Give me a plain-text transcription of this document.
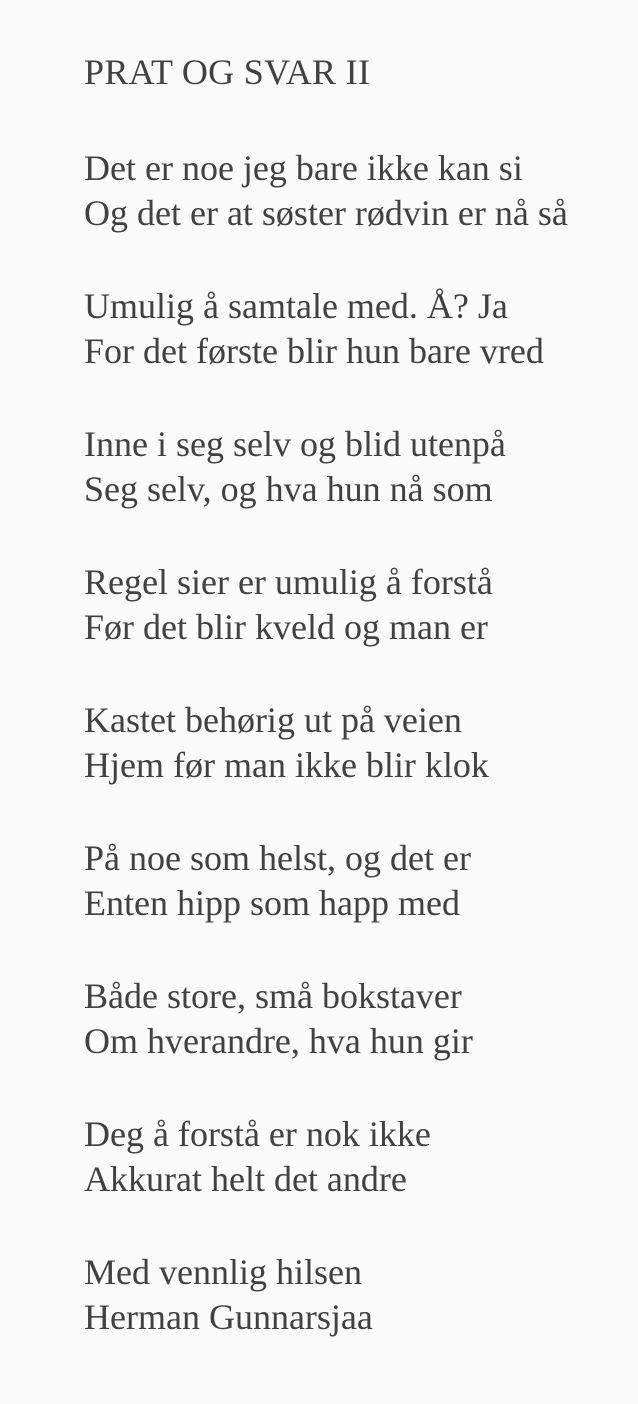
PRAT OG SVAR II
Det er noe jeg bare ikke kan si
Og det er at søster rødvin er nå så
Umulig å samtale med. Å? Ja
For det første blir hun bare vred
Inne i seg selv og blid utenpå
Seg selv, og hva hun nå som
Regel sier er umulig å forstå
Før det blir kveld og man er
Kastet behørig ut på veien
Hjem før man ikke blir klok
På noe som helst, og det er
Enten hipp som happ med
Både store, små bokstaver
Om hverandre, hva hun gir
Deg å forstå er nok ikke
Akkurat helt det andre
Med vennlig hilsen
Herman Gunnarsjaa
